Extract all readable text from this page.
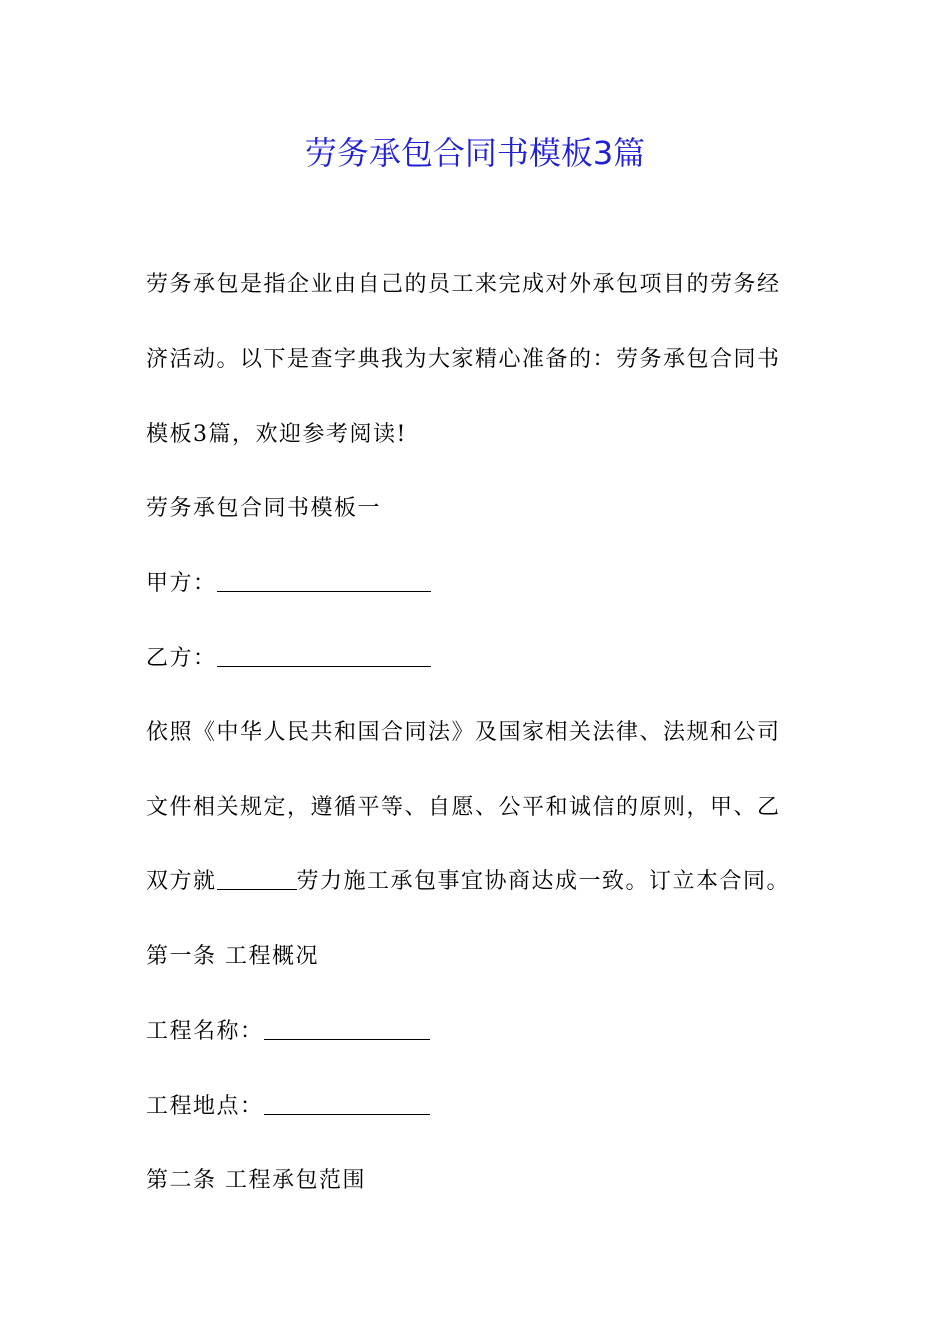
劳务承包合同书模板3篇
劳务承包是指企业由自己的员工来完成对外承包项目的劳务经
济活动。以下是查字典我为大家精心准备的：劳务承包合同书
模板3篇，欢迎参考阅读!
劳务承包合同书模板一
甲方：
乙方：
依照《中华人民共和国合同法》及国家相关法律、法规和公司
文件相关规定，遵循平等、自愿、公平和诚信的原则，甲、乙
双方就	劳力施工承包事宜协商达成一致。订立本合同。
第一条 工程概况
工程名称：
工程地点：
第二条 工程承包范围
